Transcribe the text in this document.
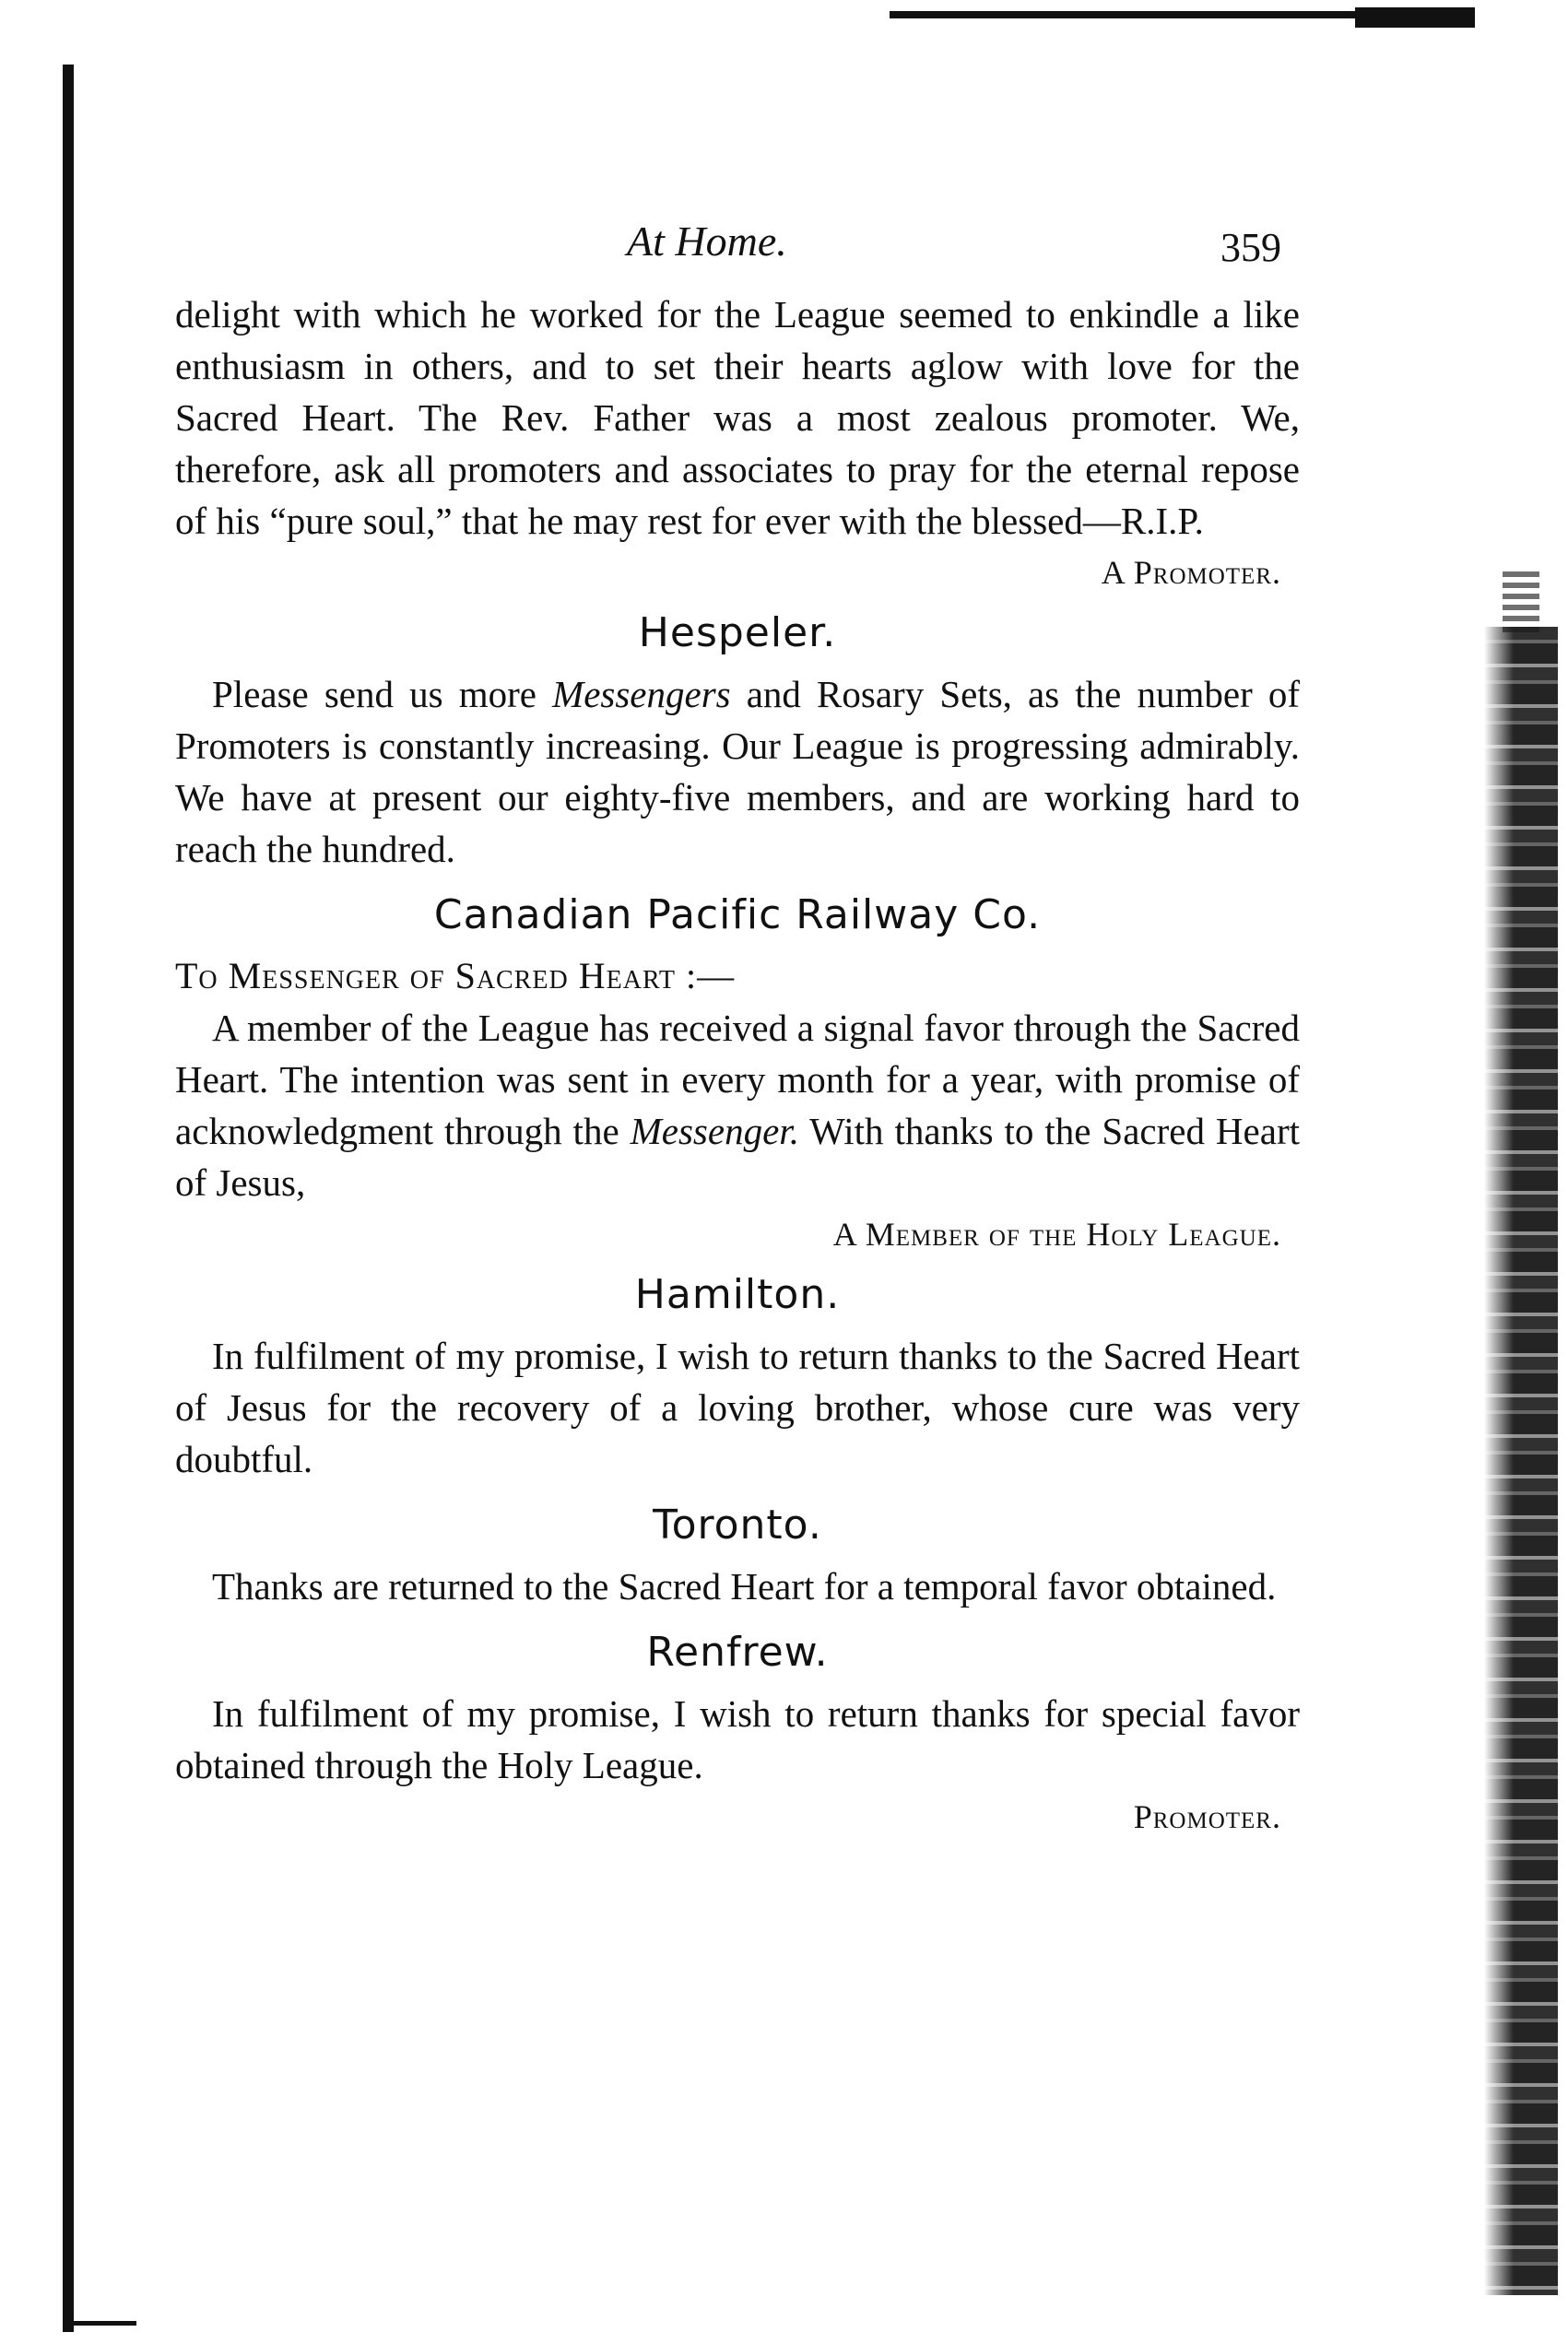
At Home.	359

delight with which he worked for the League seemed to enkindle a like enthusiasm in others, and to set their hearts aglow with love for the Sacred Heart. The Rev. Father was a most zealous promoter. We, therefore, ask all promoters and associates to pray for the eternal repose of his “pure soul,” that he may rest for ever with the blessed—R.I.P.

A Promoter.

Hespeler.

Please send us more Messengers and Rosary Sets, as the number of Promoters is constantly increasing. Our League is progressing admirably. We have at present our eighty-five members, and are working hard to reach the hundred.

Canadian Pacific Railway Co.

To Messenger of Sacred Heart :—

A member of the League has received a signal favor through the Sacred Heart. The intention was sent in every month for a year, with promise of acknowledgment through the Messenger. With thanks to the Sacred Heart of Jesus,

A Member of the Holy League.

Hamilton.

In fulfilment of my promise, I wish to return thanks to the Sacred Heart of Jesus for the recovery of a loving brother, whose cure was very doubtful.

Toronto.

Thanks are returned to the Sacred Heart for a temporal favor obtained.

Renfrew.

In fulfilment of my promise, I wish to return thanks for special favor obtained through the Holy League.

Promoter.
